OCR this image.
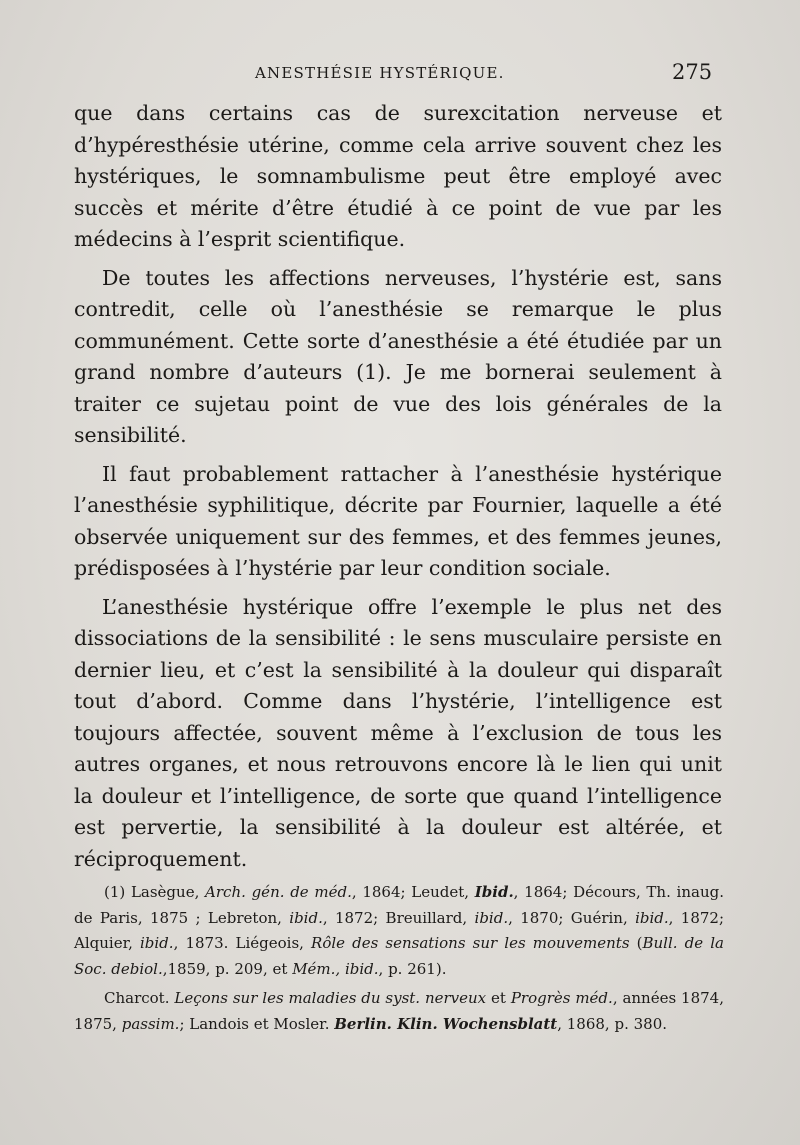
ANESTHÉSIE HYSTÉRIQUE.	275

que dans certains cas de surexcitation nerveuse et d’hypéresthésie utérine, comme cela arrive souvent chez les hystériques, le somnambulisme peut être employé avec succès et mérite d’être étudié à ce point de vue par les médecins à l’esprit scientifique.

De toutes les affections nerveuses, l’hystérie est, sans contredit, celle où l’anesthésie se remarque le plus communément. Cette sorte d’anesthésie a été étudiée par un grand nombre d’auteurs (1). Je me bornerai seulement à traiter ce sujetau point de vue des lois générales de la sensibilité.

Il faut probablement rattacher à l’anesthésie hystérique l’anesthésie syphilitique, décrite par Fournier, laquelle a été observée uniquement sur des femmes, et des femmes jeunes, prédisposées à l’hystérie par leur condition sociale.

L’anesthésie hystérique offre l’exemple le plus net des dissociations de la sensibilité : le sens musculaire persiste en dernier lieu, et c’est la sensibilité à la douleur qui disparaît tout d’abord. Comme dans l’hystérie, l’intelligence est toujours affectée, souvent même à l’exclusion de tous les autres organes, et nous retrouvons encore là le lien qui unit la douleur et l’intelligence, de sorte que quand l’intelligence est pervertie, la sensibilité à la douleur est altérée, et réciproquement.

(1) Lasègue, Arch. gén. de méd., 1864; Leudet, Ibid., 1864; Décours, Th. inaug. de Paris, 1875 ; Lebreton, ibid., 1872; Breuillard, ibid., 1870; Guérin, ibid., 1872; Alquier, ibid., 1873. Liégeois, Rôle des sensations sur les mouvements (Bull. de la Soc. debiol.,1859, p. 209, et Mém., ibid., p. 261).

Charcot. Leçons sur les maladies du syst. nerveux et Progrès méd., années 1874, 1875, passim.; Landois et Mosler. Berlin. Klin. Wochensblatt, 1868, p. 380.
